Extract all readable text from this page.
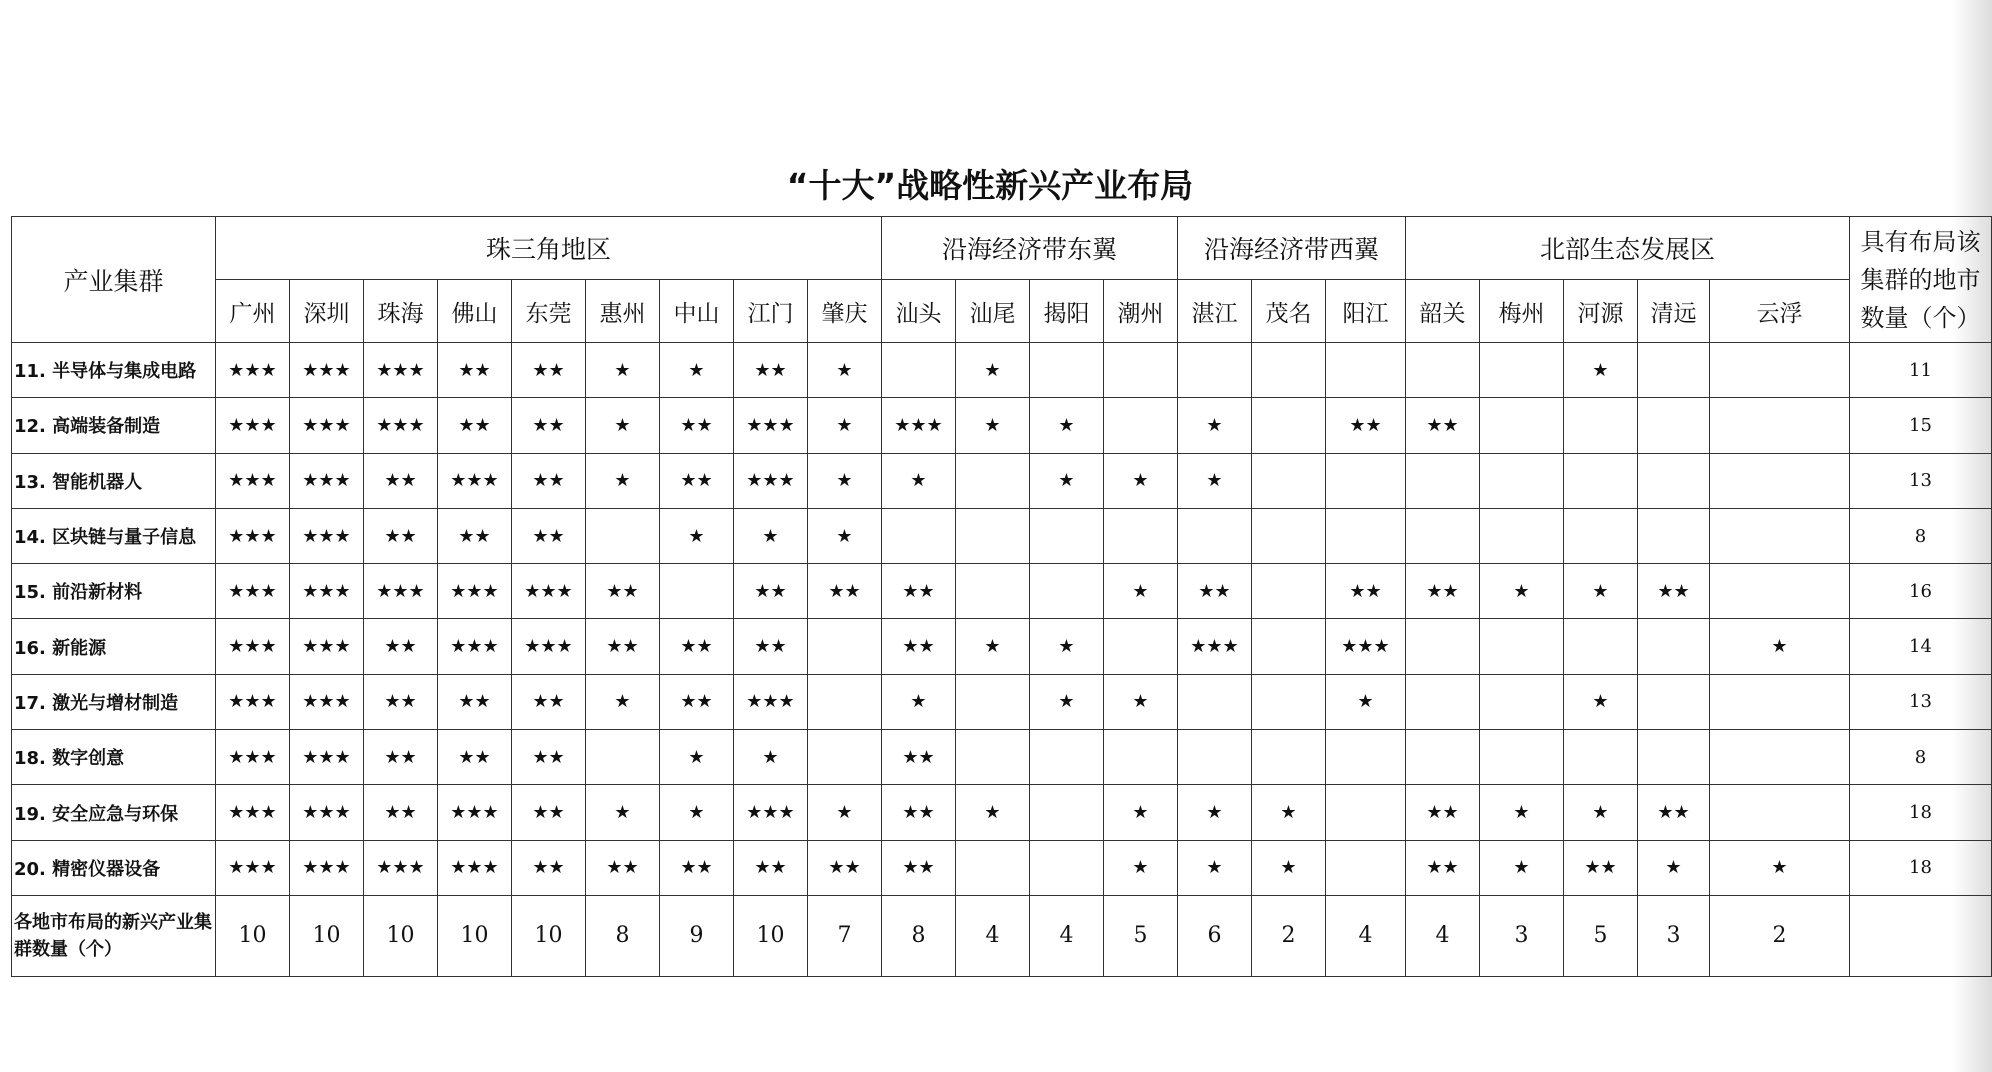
“十大”战略性新兴产业布局
产业集群	珠三角地区									沿海经济带东翼				沿海经济带西翼			北部生态发展区					具有布局该集群的地市数量（个）
	广州	深圳	珠海	佛山	东莞	惠州	中山	江门	肇庆	汕头	汕尾	揭阳	潮州	湛江	茂名	阳江	韶关	梅州	河源	清远	云浮	
11. 半导体与集成电路	★★★	★★★	★★★	★★	★★	★	★	★★	★		★								★			11
12. 高端装备制造	★★★	★★★	★★★	★★	★★	★	★★	★★★	★	★★★	★	★		★		★★	★★					15
13. 智能机器人	★★★	★★★	★★	★★★	★★	★	★★	★★★	★	★		★	★	★								13
14. 区块链与量子信息	★★★	★★★	★★	★★	★★		★	★	★													8
15. 前沿新材料	★★★	★★★	★★★	★★★	★★★	★★		★★	★★	★★			★	★★		★★	★★	★	★	★★		16
16. 新能源	★★★	★★★	★★	★★★	★★★	★★	★★	★★		★★	★	★		★★★		★★★					★	14
17. 激光与增材制造	★★★	★★★	★★	★★	★★	★	★★	★★★		★		★	★			★			★			13
18. 数字创意	★★★	★★★	★★	★★	★★		★	★		★★												8
19. 安全应急与环保	★★★	★★★	★★	★★★	★★	★	★	★★★	★	★★	★		★	★	★		★★	★	★	★★		18
20. 精密仪器设备	★★★	★★★	★★★	★★★	★★	★★	★★	★★	★★	★★			★	★	★		★★	★	★★	★	★	18
各地市布局的新兴产业集群数量（个）	10	10	10	10	10	8	9	10	7	8	4	4	5	6	2	4	4	3	5	3	2	
